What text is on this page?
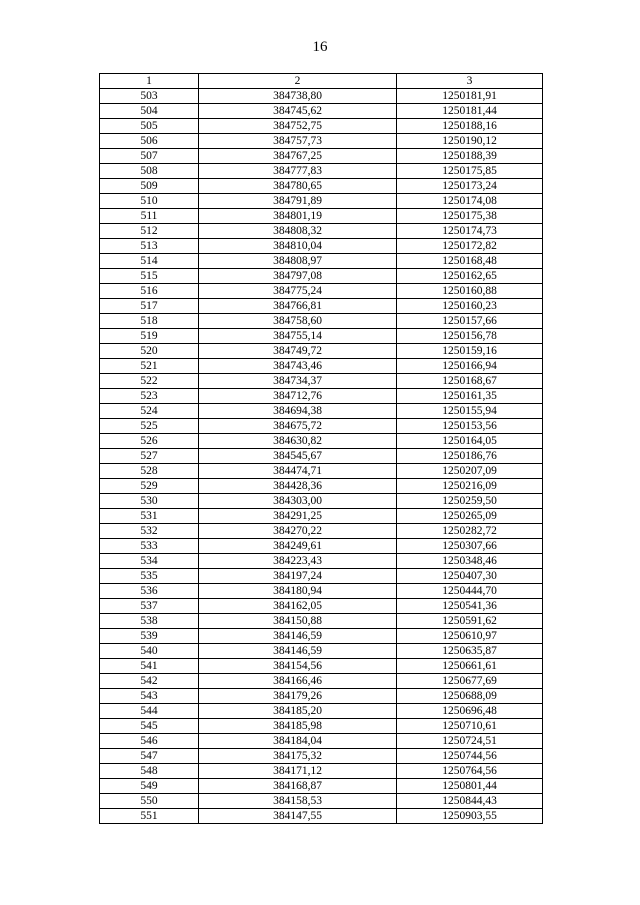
16
1	2	3
503	384738,80	1250181,91
504	384745,62	1250181,44
505	384752,75	1250188,16
506	384757,73	1250190,12
507	384767,25	1250188,39
508	384777,83	1250175,85
509	384780,65	1250173,24
510	384791,89	1250174,08
511	384801,19	1250175,38
512	384808,32	1250174,73
513	384810,04	1250172,82
514	384808,97	1250168,48
515	384797,08	1250162,65
516	384775,24	1250160,88
517	384766,81	1250160,23
518	384758,60	1250157,66
519	384755,14	1250156,78
520	384749,72	1250159,16
521	384743,46	1250166,94
522	384734,37	1250168,67
523	384712,76	1250161,35
524	384694,38	1250155,94
525	384675,72	1250153,56
526	384630,82	1250164,05
527	384545,67	1250186,76
528	384474,71	1250207,09
529	384428,36	1250216,09
530	384303,00	1250259,50
531	384291,25	1250265,09
532	384270,22	1250282,72
533	384249,61	1250307,66
534	384223,43	1250348,46
535	384197,24	1250407,30
536	384180,94	1250444,70
537	384162,05	1250541,36
538	384150,88	1250591,62
539	384146,59	1250610,97
540	384146,59	1250635,87
541	384154,56	1250661,61
542	384166,46	1250677,69
543	384179,26	1250688,09
544	384185,20	1250696,48
545	384185,98	1250710,61
546	384184,04	1250724,51
547	384175,32	1250744,56
548	384171,12	1250764,56
549	384168,87	1250801,44
550	384158,53	1250844,43
551	384147,55	1250903,55
